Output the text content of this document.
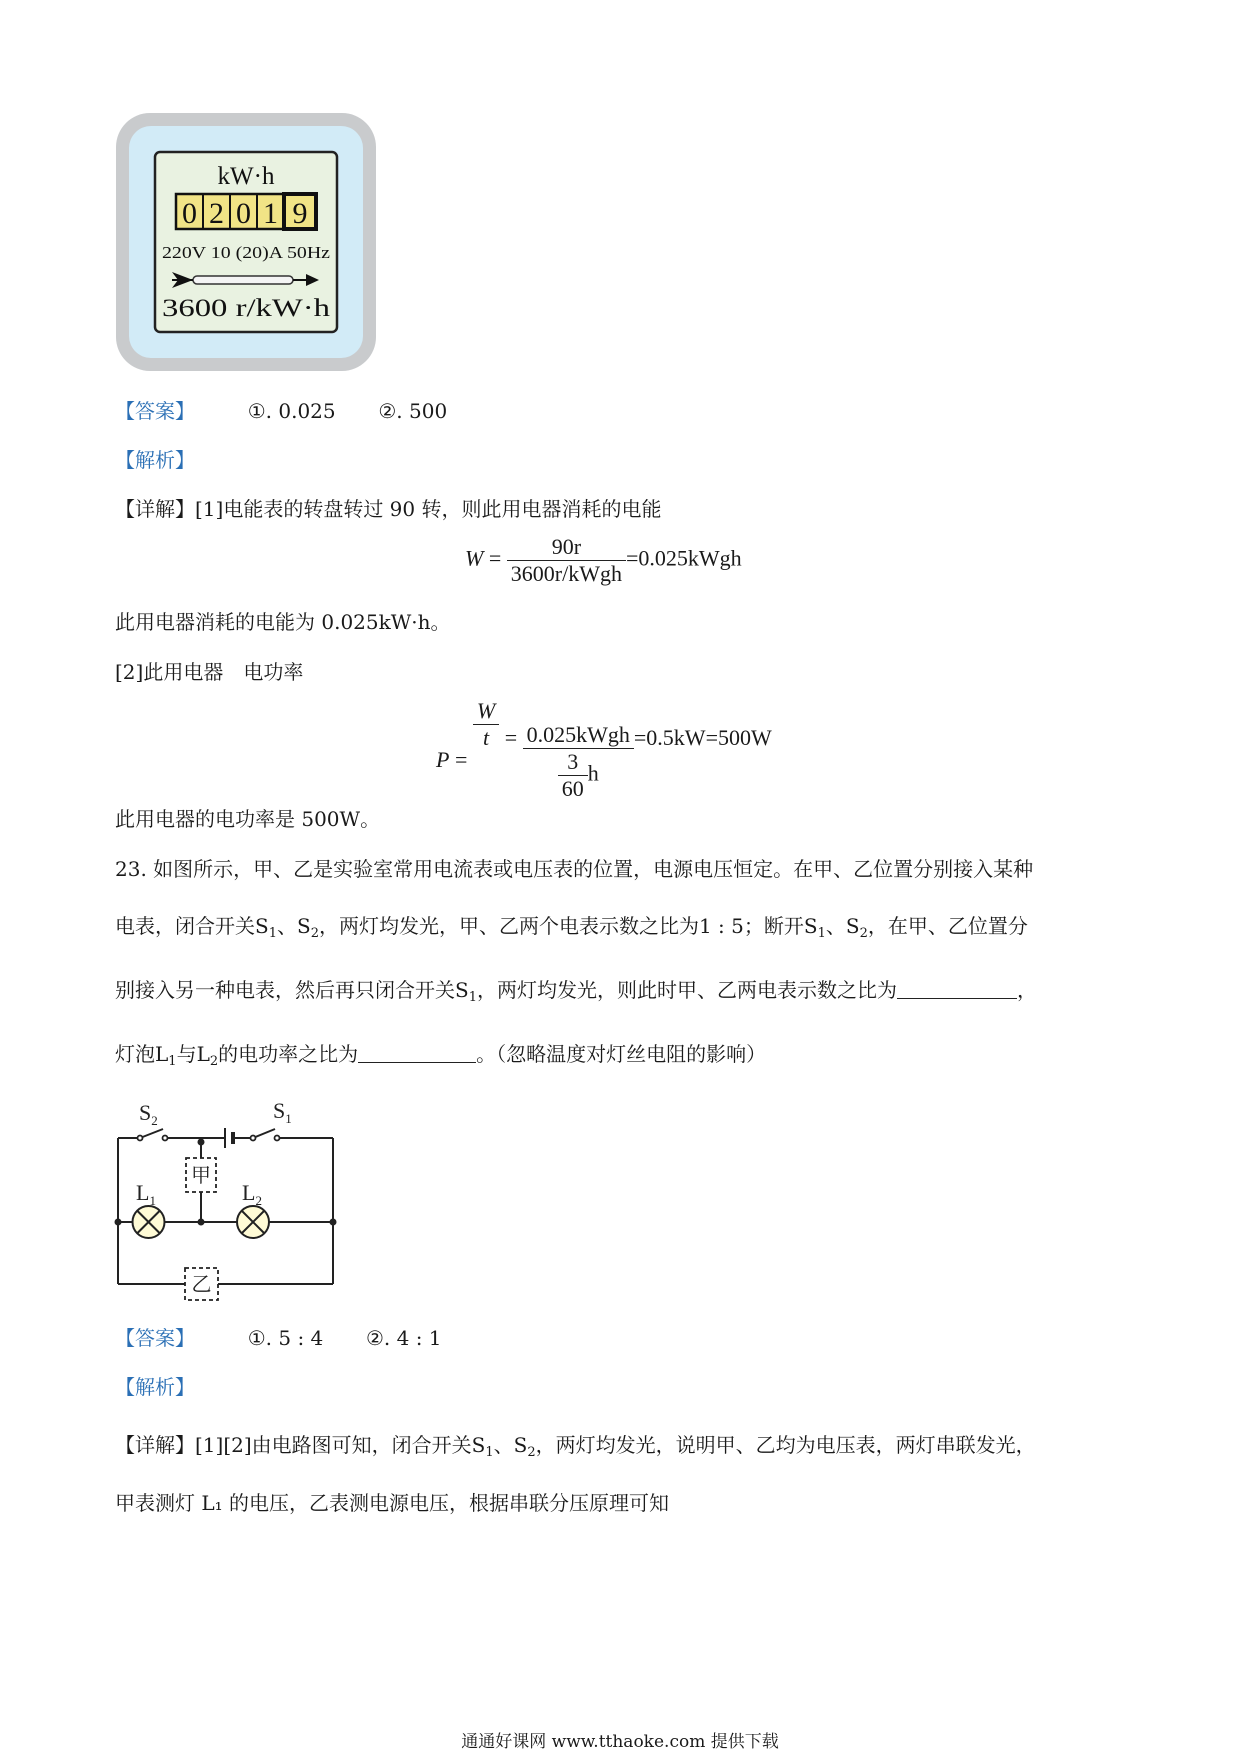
kW·h
0 2 0 1 9
220V 10 (20)A 50Hz
3600 r/kW·h
【答案】	①. 0.025 ②. 500
【解析】
【详解】[1]电能表的转盘转过 90 转，则此用电器消耗的电能
$W = \frac{90r}{\text{3600r/kWgh}}$ =0.025kWgh
此用电器消耗的电能为 0.025kW·h。
[2]此用电器　电功率
P =
$\frac{W}{t} = \frac{\text{0.025kWgh}}{\frac{3}{60} h} =0.5kW=500W$
此用电器的电功率是 500W。
23. 如图所示，甲、乙是实验室常用电流表或电压表的位置，电源电压恒定。在甲、乙位置分别接入某种
电表，闭合开关$S_1$、$S_2$，两灯均发光，甲、乙两个电表示数之比为1 : 5；断开$S_1$、$S_2$，在甲、乙位置分
别接入另一种电表，然后再只闭合开关$S_1$，两灯均发光，则此时甲、乙两电表示数之比为	，
灯泡$L_1$与$L_2$的电功率之比为	。（忽略温度对灯丝电阻的影响）
甲
乙
$S_2$	$S_1$
$L_1$	$L_2$
【答案】	①. 5 : 4 ②. 4 : 1
【解析】
【详解】[1][2]由电路图可知，闭合开关$S_1$、$S_2$，两灯均发光，说明甲、乙均为电压表，两灯串联发光，
甲表测灯 L₁ 的电压，乙表测电源电压，根据串联分压原理可知
通通好课网 www.tthaoke.com 提供下载
